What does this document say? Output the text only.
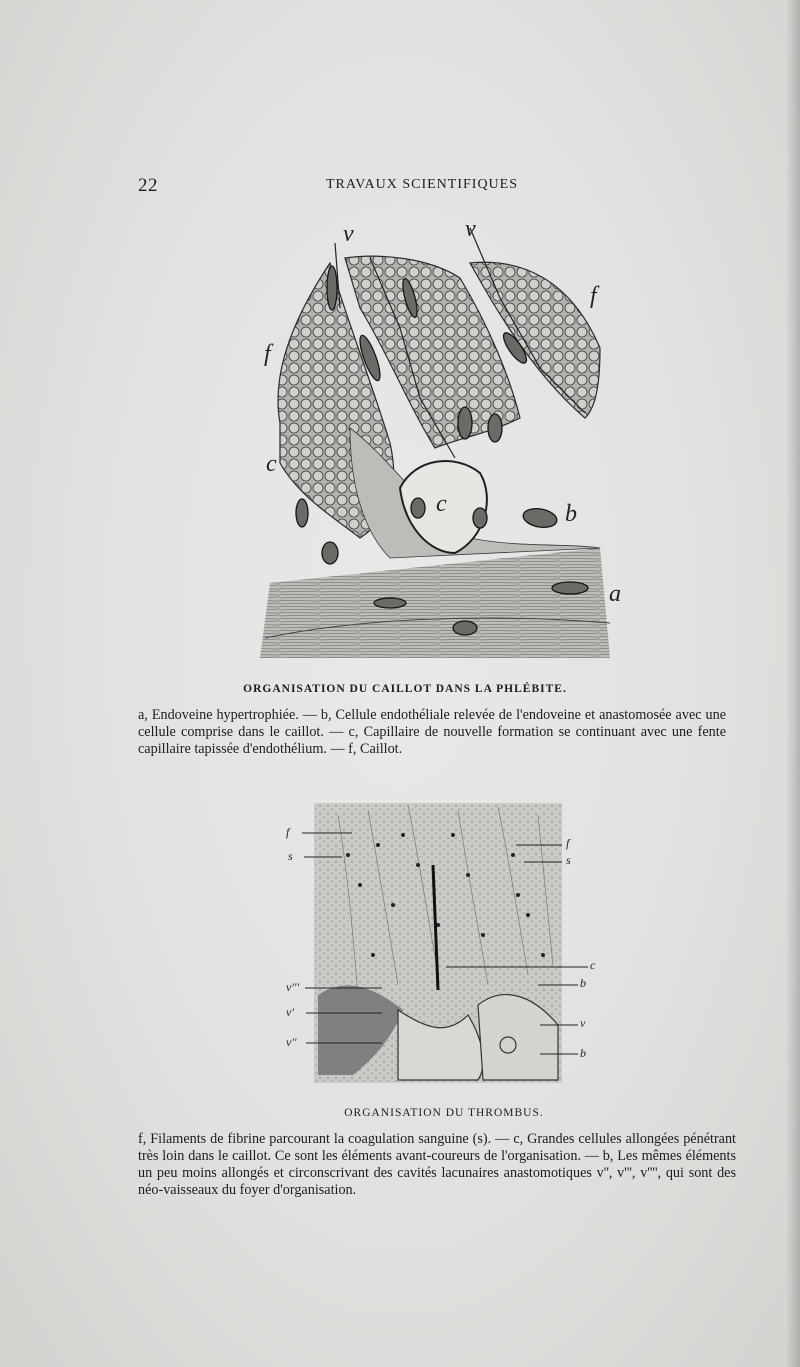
22	TRAVAUX SCIENTIFIQUES
v	v
f
f
c
c	b
a
ORGANISATION DU CAILLOT DANS LA PHLÉBITE.

a, Endoveine hypertrophiée. — b, Cellule endothéliale relevée de l'endoveine et anastomosée avec une cellule comprise dans le caillot. — c, Capillaire de nouvelle formation se continuant avec une fente capillaire tapissée d'endothélium. — f, Caillot.

f
s
f
s
c
v'''	b
v'
v
v''
b
ORGANISATION DU THROMBUS.

f, Filaments de fibrine parcourant la coagulation sanguine (s). — c, Grandes cellules allongées pénétrant très loin dans le caillot. Ce sont les éléments avant-coureurs de l'organisation. — b, Les mêmes éléments un peu moins allongés et circonscrivant des cavités lacunaires anastomotiques v'', v''', v'''', qui sont des néo-vaisseaux du foyer d'organisation.
